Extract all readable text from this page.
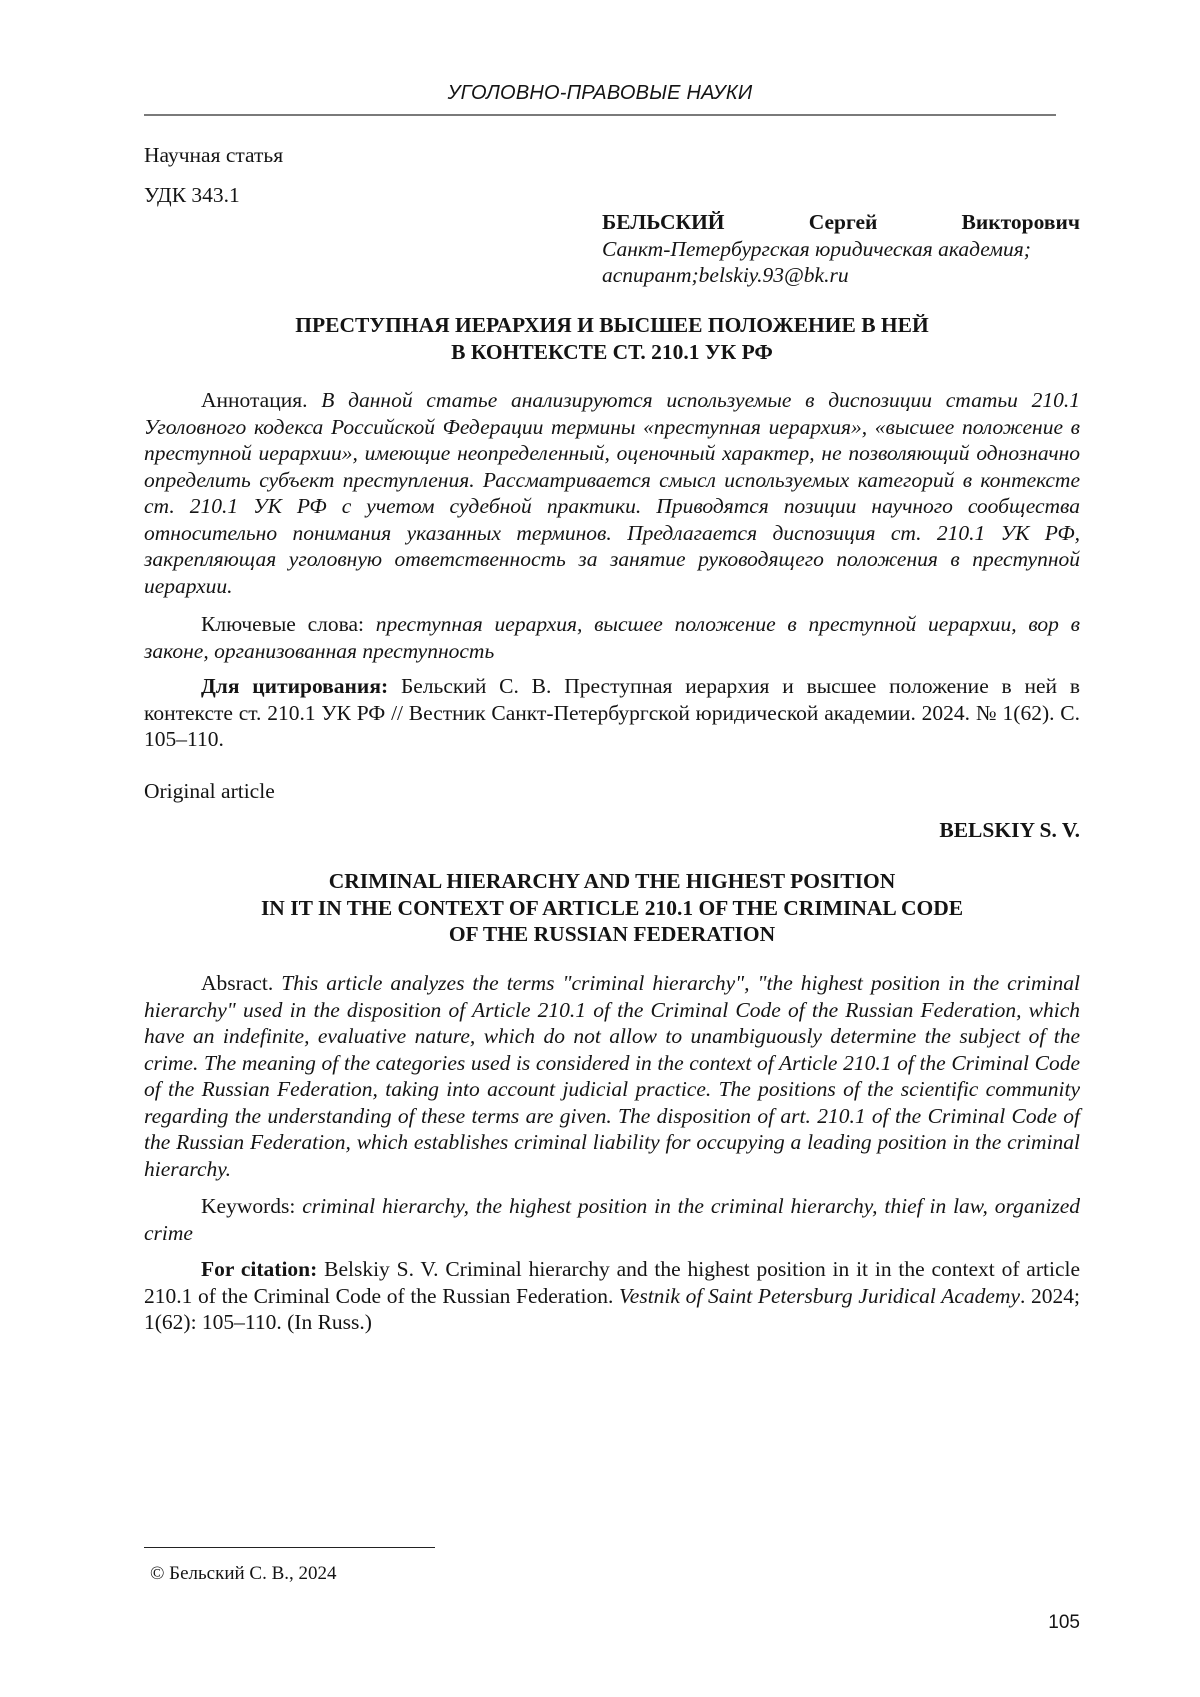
УГОЛОВНО-ПРАВОВЫЕ НАУКИ
Научная статья
УДК 343.1
БЕЛЬСКИЙ	Сергей	Викторович
Санкт-Петербургская юридическая академия; аспирант;belskiy.93@bk.ru
ПРЕСТУПНАЯ ИЕРАРХИЯ И ВЫСШЕЕ ПОЛОЖЕНИЕ В НЕЙ
В КОНТЕКСТЕ СТ. 210.1 УК РФ
Аннотация. В данной статье анализируются используемые в диспозиции статьи 210.1 Уголовного кодекса Российской Федерации термины «преступная иерархия», «высшее положение в преступной иерархии», имеющие неопределенный, оценочный характер, не позволяющий однозначно определить субъект преступления. Рассматривается смысл используемых категорий в контексте ст. 210.1 УК РФ с учетом судебной практики. Приводятся позиции научного сообщества относительно понимания указанных терминов. Предлагается диспозиция ст. 210.1 УК РФ, закрепляющая уголовную ответственность за занятие руководящего положения в преступной иерархии.
Ключевые слова: преступная иерархия, высшее положение в преступной иерархии, вор в законе, организованная преступность
Для цитирования: Бельский С. В. Преступная иерархия и высшее положение в ней в контексте ст. 210.1 УК РФ // Вестник Санкт-Петербургской юридической академии. 2024. № 1(62). С. 105–110.
Original article
BELSKIY S. V.
CRIMINAL HIERARCHY AND THE HIGHEST POSITION
IN IT IN THE CONTEXT OF ARTICLE 210.1 OF THE CRIMINAL CODE
OF THE RUSSIAN FEDERATION
Absract. This article analyzes the terms "criminal hierarchy", "the highest position in the criminal hierarchy" used in the disposition of Article 210.1 of the Criminal Code of the Russian Federation, which have an indefinite, evaluative nature, which do not allow to unambiguously determine the subject of the crime. The meaning of the categories used is considered in the context of Article 210.1 of the Criminal Code of the Russian Federation, taking into account judicial practice. The positions of the scientific community regarding the understanding of these terms are given. The disposition of art. 210.1 of the Criminal Code of the Russian Federation, which establishes criminal liability for occupying a leading position in the criminal hierarchy.
Keywords: criminal hierarchy, the highest position in the criminal hierarchy, thief in law, organized crime
For citation: Belskiy S. V. Criminal hierarchy and the highest position in it in the context of article 210.1 of the Criminal Code of the Russian Federation. Vestnik of Saint Petersburg Juridical Academy. 2024; 1(62): 105–110. (In Russ.)
© Бельский С. В., 2024
105
